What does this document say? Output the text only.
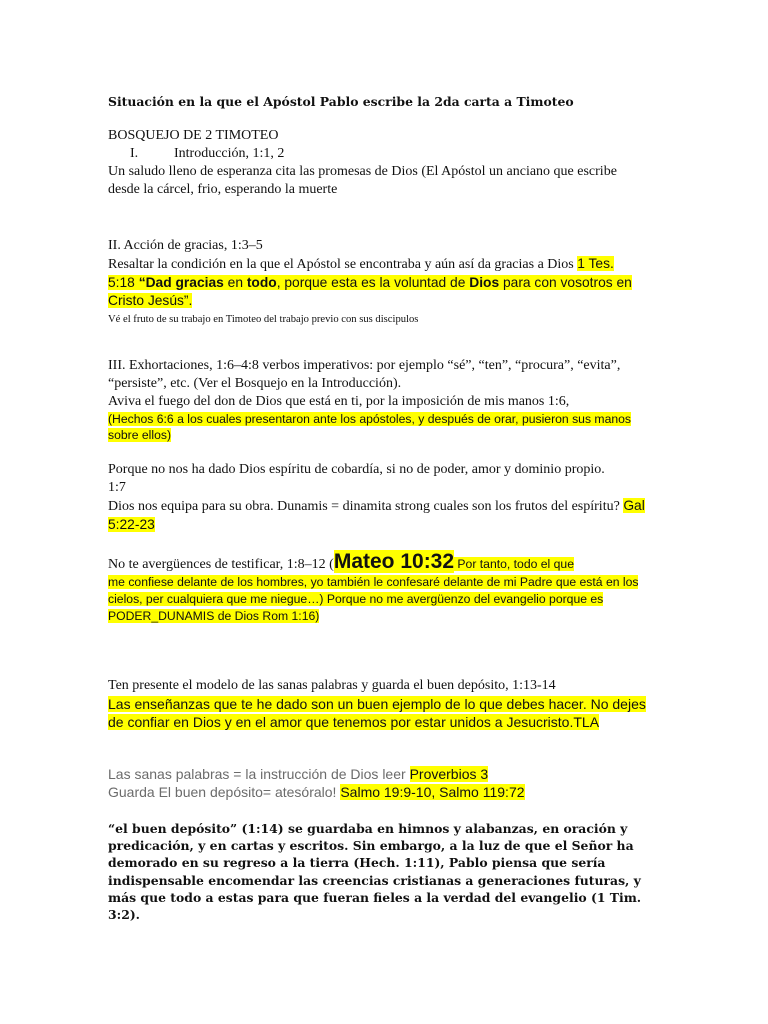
Situación en la que el Apóstol Pablo escribe la 2da carta a Timoteo
BOSQUEJO DE 2 TIMOTEO
I.	Introducción, 1:1, 2
Un saludo lleno de esperanza cita las promesas de Dios (El Apóstol un anciano que escribe desde la cárcel, frio, esperando la muerte
II. Acción de gracias, 1:3–5
Resaltar la condición en la que el Apóstol se encontraba y aún así da gracias a Dios 1 Tes.
5:18 “Dad gracias en todo, porque esta es la voluntad de Dios para con vosotros en Cristo Jesús”.
Vé el fruto de su trabajo en Timoteo del trabajo previo con sus discipulos
III. Exhortaciones, 1:6–4:8 verbos imperativos: por ejemplo “sé”, “ten”, “procura”, “evita”, “persiste”, etc. (Ver el Bosquejo en la Introducción).
Aviva el fuego del don de Dios que está en ti, por la imposición de mis manos 1:6,
(Hechos 6:6 a los cuales presentaron ante los apóstoles, y después de orar, pusieron sus manos sobre ellos)
Porque no nos ha dado Dios espíritu de cobardía, si no de poder, amor y dominio propio.
1:7
Dios nos equipa para su obra. Dunamis = dinamita strong cuales son los frutos del espíritu? Gal 5:22-23
No te avergüences de testificar, 1:8–12 (Mateo 10:32 Por tanto, todo el que
me confiese delante de los hombres, yo también le confesaré delante de mi Padre que está en los cielos, per cualquiera que me niegue…) Porque no me avergüenzo del evangelio porque es PODER_DUNAMIS de Dios Rom 1:16)
Ten presente el modelo de las sanas palabras y guarda el buen depósito, 1:13-14
Las enseñanzas que te he dado son un buen ejemplo de lo que debes hacer. No dejes de confiar en Dios y en el amor que tenemos por estar unidos a Jesucristo.TLA
Las sanas palabras = la instrucción de Dios leer Proverbios 3
Guarda El buen depósito= atesóralo! Salmo 19:9-10, Salmo 119:72
“el buen depósito” (1:14) se guardaba en himnos y alabanzas, en oración y predicación, y en cartas y escritos. Sin embargo, a la luz de que el Señor ha demorado en su regreso a la tierra (Hech. 1:11), Pablo piensa que sería indispensable encomendar las creencias cristianas a generaciones futuras, y más que todo a estas para que fueran fieles a la verdad del evangelio (1 Tim. 3:2).
